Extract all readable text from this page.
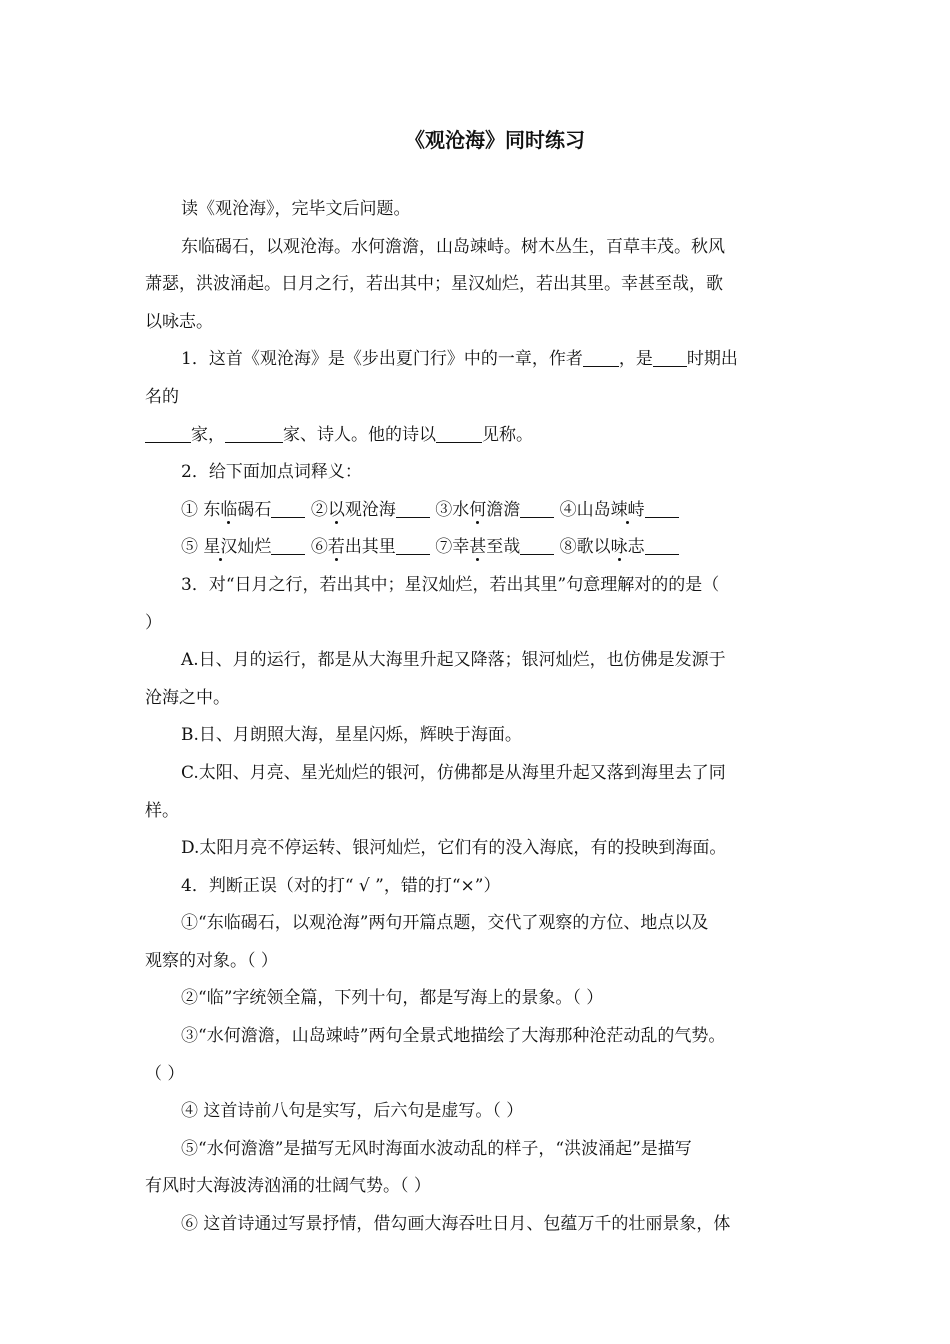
《观沧海》同时练习

读《观沧海》，完毕文后问题。

东临碣石，以观沧海。水何澹澹，山岛竦峙。树木丛生，百草丰茂。秋风

萧瑟，洪波涌起。日月之行，若出其中；星汉灿烂，若出其里。幸甚至哉，歌

以咏志。

1．这首《观沧海》是《步出夏门行》中的一章，作者 ，是 时期出

名的

家，	家、诗人。他的诗以	见称。

2．给下面加点词释义：

① 东临碣石 ②以观沧海 ③水何澹澹 ④山岛竦峙

⑤ 星汉灿烂 ⑥若出其里 ⑦幸甚至哉 ⑧歌以咏志

3．对“日月之行，若出其中；星汉灿烂，若出其里”句意理解对的的是（

）

A.日、月的运行，都是从大海里升起又降落；银河灿烂，也仿佛是发源于

沧海之中。

B.日、月朗照大海，星星闪烁，辉映于海面。

C.太阳、月亮、星光灿烂的银河，仿佛都是从海里升起又落到海里去了同

样。

D.太阳月亮不停运转、银河灿烂，它们有的没入海底，有的投映到海面。

4．判断正误（对的打“ √ ”，错的打“×”）

①“东临碣石，以观沧海”两句开篇点题，交代了观察的方位、地点以及

观察的对象。（ ）

②“临”字统领全篇，下列十句，都是写海上的景象。（ ）

③“水何澹澹，山岛竦峙”两句全景式地描绘了大海那种沧茫动乱的气势。

（ ）

④ 这首诗前八句是实写，后六句是虚写。（ ）

⑤“水何澹澹”是描写无风时海面水波动乱的样子，“洪波涌起”是描写

有风时大海波涛汹涌的壮阔气势。（ ）

⑥ 这首诗通过写景抒情，借勾画大海吞吐日月、包蕴万千的壮丽景象，体
